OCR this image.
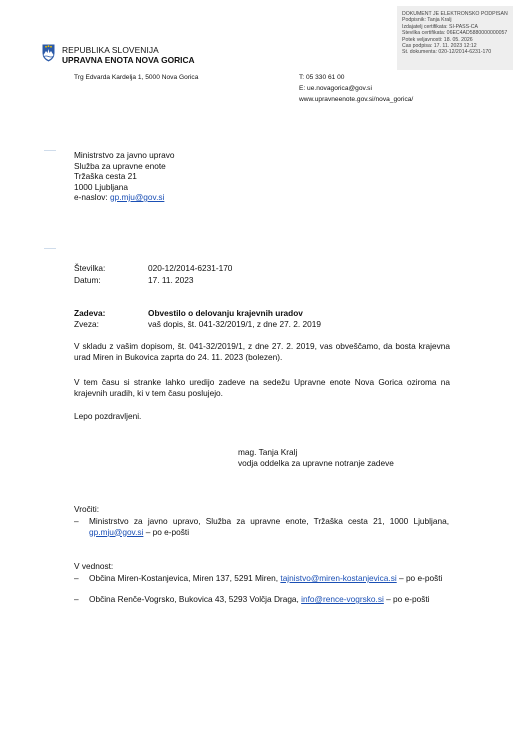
DOKUMENT JE ELEKTRONSKO PODPISAN
Podpisnik: Tanja Kralj
Izdajatelj certifikata: SI-PASS-CA
Številka certifikata: 06EC4AD5880000000057
Potek veljavnosti: 18. 05. 2026
Čas podpisa: 17. 11. 2023 12:12
Št. dokumenta: 020-12/2014-6231-170
REPUBLIKA SLOVENIJA
UPRAVNA ENOTA NOVA GORICA
Trg Edvarda Kardelja 1, 5000 Nova Gorica	T: 05 330 61 00
E: ue.novagorica@gov.si
www.upravneenote.gov.si/nova_gorica/
Ministrstvo za javno upravo
Služba za upravne enote
Tržaška cesta 21
1000 Ljubljana
e-naslov: gp.mju@gov.si
Številka:	020-12/2014-6231-170
Datum:	17. 11. 2023
Zadeva:	Obvestilo o delovanju krajevnih uradov
Zveza:	vaš dopis, št. 041-32/2019/1, z dne 27. 2. 2019
V skladu z vašim dopisom, št. 041-32/2019/1, z dne 27. 2. 2019, vas obveščamo, da bosta krajevna urad Miren in Bukovica zaprta do 24. 11. 2023 (bolezen).
V tem času si stranke lahko uredijo zadeve na sedežu Upravne enote Nova Gorica oziroma na krajevnih uradih, ki v tem času poslujejo.
Lepo pozdravljeni.
mag. Tanja Kralj
vodja oddelka za upravne notranje zadeve
Vročiti:
– Ministrstvo za javno upravo, Služba za upravne enote, Tržaška cesta 21, 1000 Ljubljana, gp.mju@gov.si – po e-pošti
V vednost:
– Občina Miren-Kostanjevica, Miren 137, 5291 Miren, tajnistvo@miren-kostanjevica.si – po e-pošti
– Občina Renče-Vogrsko, Bukovica 43, 5293 Volčja Draga, info@rence-vogrsko.si – po e-pošti
